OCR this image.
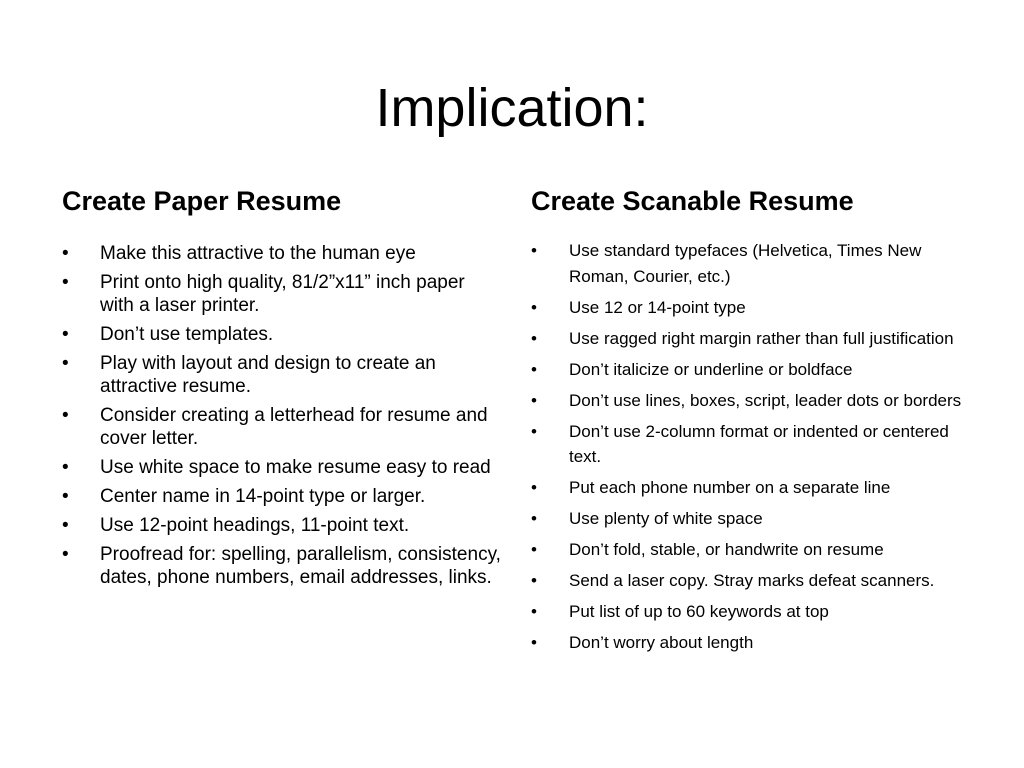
Implication:
Create Paper Resume	Create Scanable Resume
• Make this attractive to the human eye
• Print onto high quality, 81/2”x11” inch paper with a laser printer.
• Don’t use templates.
• Play with layout and design to create an attractive resume.
• Consider creating a letterhead for resume and cover letter.
• Use white space to make resume easy to read
• Center name in 14-point type or larger.
• Use 12-point headings, 11-point text.
• Proofread for: spelling, parallelism, consistency, dates, phone numbers, email addresses, links.
• Use standard typefaces (Helvetica, Times New Roman, Courier, etc.)
• Use 12 or 14-point type
• Use ragged right margin rather than full justification
• Don’t italicize or underline or boldface
• Don’t use lines, boxes, script, leader dots or borders
• Don’t use 2-column format or indented or centered text.
• Put each phone number on a separate line
• Use plenty of white space
• Don’t fold, stable, or handwrite on resume
• Send a laser copy. Stray marks defeat scanners.
• Put list of up to 60 keywords at top
• Don’t worry about length
